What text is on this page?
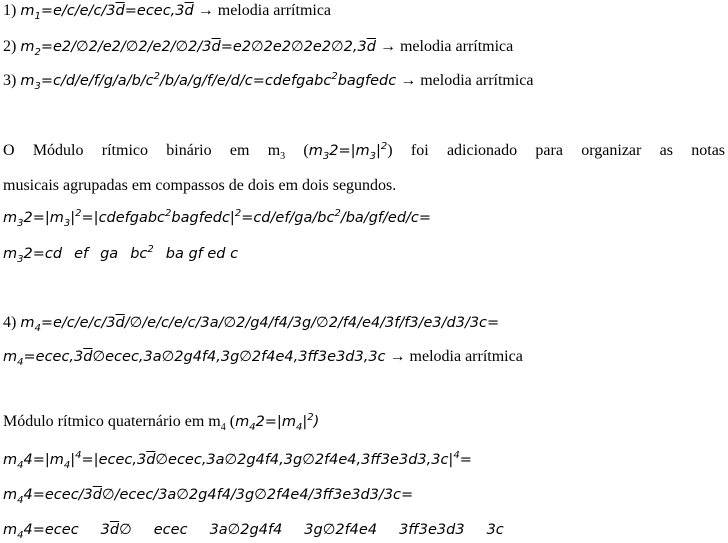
1) $m_1=e/c/e/c/3\overline{d}=ecec,3\overline{d}$ → melodia arrítmica
2) $m_2=e2/\emptyset 2/e2/\emptyset 2/e2/\emptyset 2/3\overline{d}=e2\emptyset 2e2\emptyset 2e2\emptyset 2,3\overline{d}$ → melodia arrítmica
3) $m_3=c/d/e/f/g/a/b/c^2/b/a/g/f/e/d/c=cdefgabc^2bagfedc$ → melodia arrítmica
O Módulo rítmico binário em $m_3$ $(m_32=|m_3|^2)$ foi adicionado para organizar as notas
musicais agrupadas em compassos de dois em dois segundos.
$m_32=|m_3|^2=|cdefgabc^2bagfedc|^2=cd/ef/ga/bc^2/ba/gf/ed/c=$
$m_32=cd$ ef ga $bc^2$ ba gf ed c
4) $m_4=e/c/e/c/3\overline{d}/\emptyset/e/c/e/c/3a/\emptyset 2/g4/f4/3g/\emptyset 2/f4/e4/3f/f3/e3/d3/3c=$
$m_4=ecec,3\overline{d}\emptyset ecec,3a\emptyset 2g4f4,3g\emptyset 2f4e4,3ff3e3d3,3c$ → melodia arrítmica
Módulo rítmico quaternário em $m_4$ $(m_42=|m_4|^2)$
$m_44=|m_4|^4=|ecec,3\overline{d}\emptyset ecec,3a\emptyset 2g4f4,3g\emptyset 2f4e4,3ff3e3d3,3c|^4=$
$m_44=ecec/3\overline{d}\emptyset/ecec/3a\emptyset 2g4f4/3g\emptyset 2f4e4/3ff3e3d3/3c=$
$m_44=ecec$ $3\overline{d}\emptyset$ ecec 3a∅2g4f4 3g∅2f4e4 3ff3e3d3 3c
